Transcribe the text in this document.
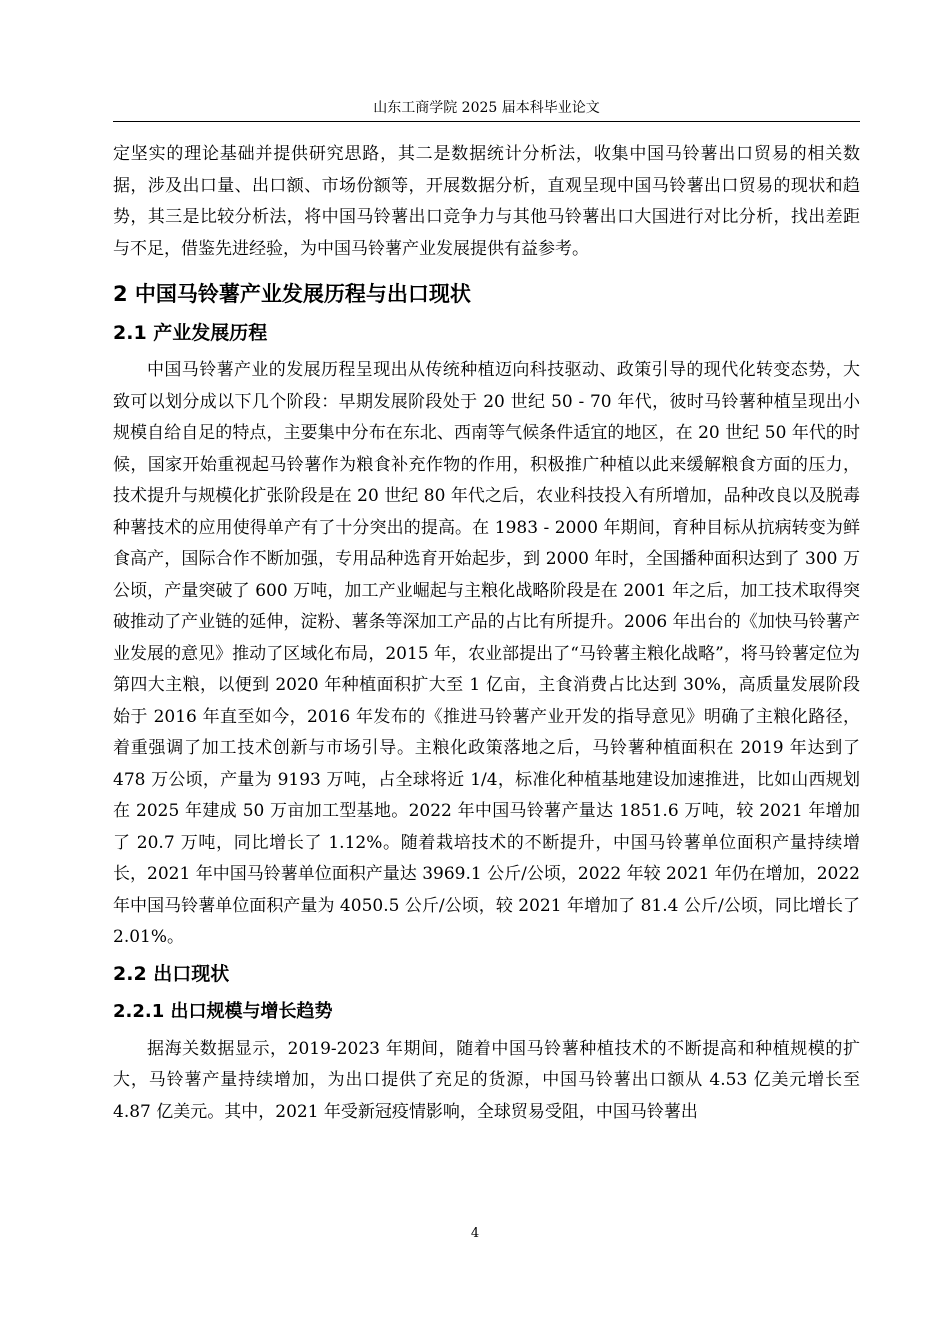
山东工商学院 2025 届本科毕业论文

定坚实的理论基础并提供研究思路，其二是数据统计分析法，收集中国马铃薯出口贸易的相关数据，涉及出口量、出口额、市场份额等，开展数据分析，直观呈现中国马铃薯出口贸易的现状和趋势，其三是比较分析法，将中国马铃薯出口竞争力与其他马铃薯出口大国进行对比分析，找出差距与不足，借鉴先进经验，为中国马铃薯产业发展提供有益参考。

2 中国马铃薯产业发展历程与出口现状
2.1 产业发展历程

中国马铃薯产业的发展历程呈现出从传统种植迈向科技驱动、政策引导的现代化转变态势，大致可以划分成以下几个阶段：早期发展阶段处于 20 世纪 50 - 70 年代，彼时马铃薯种植呈现出小规模自给自足的特点，主要集中分布在东北、西南等气候条件适宜的地区，在 20 世纪 50 年代的时候，国家开始重视起马铃薯作为粮食补充作物的作用，积极推广种植以此来缓解粮食方面的压力，技术提升与规模化扩张阶段是在 20 世纪 80 年代之后，农业科技投入有所增加，品种改良以及脱毒种薯技术的应用使得单产有了十分突出的提高。在 1983 - 2000 年期间，育种目标从抗病转变为鲜食高产，国际合作不断加强，专用品种选育开始起步，到 2000 年时，全国播种面积达到了 300 万公顷，产量突破了 600 万吨，加工产业崛起与主粮化战略阶段是在 2001 年之后，加工技术取得突破推动了产业链的延伸，淀粉、薯条等深加工产品的占比有所提升。2006 年出台的《加快马铃薯产业发展的意见》推动了区域化布局，2015 年，农业部提出了“马铃薯主粮化战略”，将马铃薯定位为第四大主粮，以便到 2020 年种植面积扩大至 1 亿亩，主食消费占比达到 30%，高质量发展阶段始于 2016 年直至如今，2016 年发布的《推进马铃薯产业开发的指导意见》明确了主粮化路径，着重强调了加工技术创新与市场引导。主粮化政策落地之后，马铃薯种植面积在 2019 年达到了 478 万公顷，产量为 9193 万吨，占全球将近 1/4，标准化种植基地建设加速推进，比如山西规划在 2025 年建成 50 万亩加工型基地。2022 年中国马铃薯产量达 1851.6 万吨，较 2021 年增加了 20.7 万吨，同比增长了 1.12%。随着栽培技术的不断提升，中国马铃薯单位面积产量持续增长，2021 年中国马铃薯单位面积产量达 3969.1 公斤/公顷，2022 年较 2021 年仍在增加，2022 年中国马铃薯单位面积产量为 4050.5 公斤/公顷，较 2021 年增加了 81.4 公斤/公顷，同比增长了 2.01%。

2.2 出口现状
2.2.1 出口规模与增长趋势

据海关数据显示，2019-2023 年期间，随着中国马铃薯种植技术的不断提高和种植规模的扩大，马铃薯产量持续增加，为出口提供了充足的货源，中国马铃薯出口额从 4.53 亿美元增长至 4.87 亿美元。其中，2021 年受新冠疫情影响，全球贸易受阻，中国马铃薯出

4
